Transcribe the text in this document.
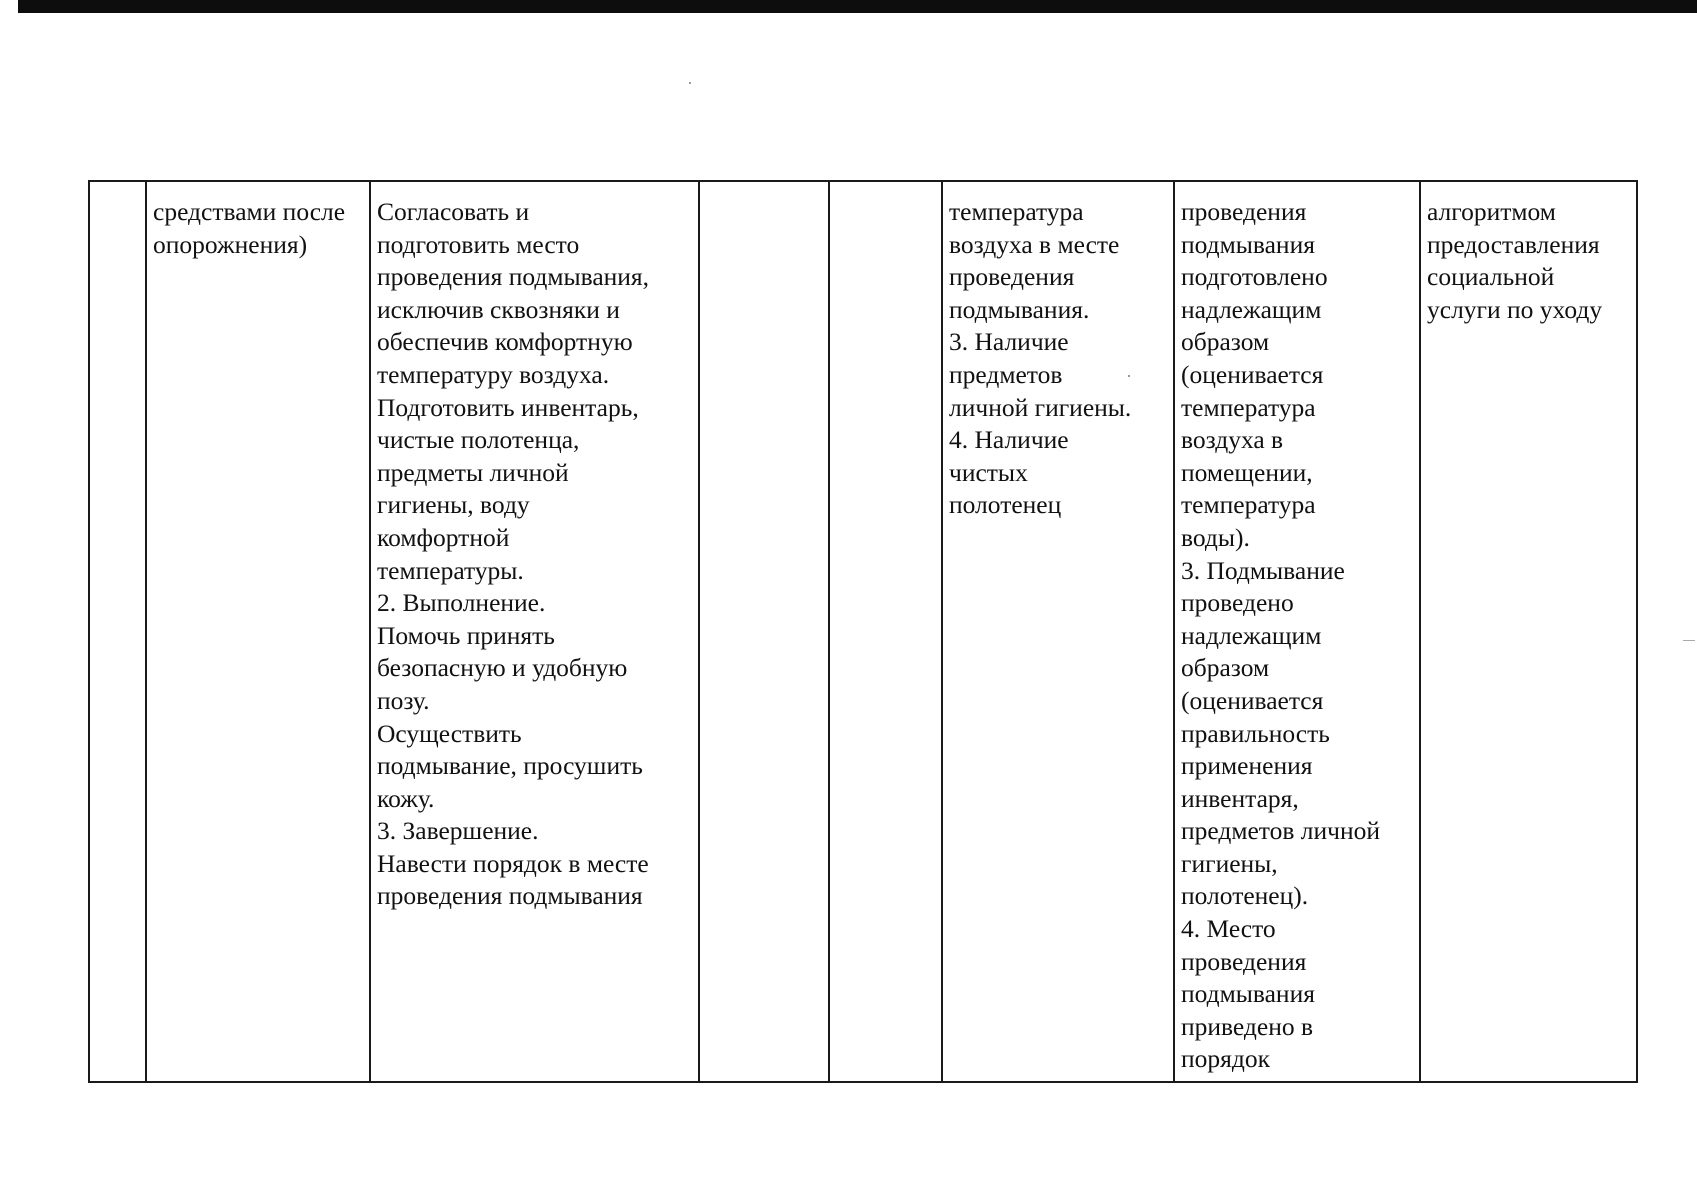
	средствами после
опорожнения)	Согласовать и
подготовить место
проведения подмывания,
исключив сквозняки и
обеспечив комфортную
температуру воздуха.
Подготовить инвентарь,
чистые полотенца,
предметы личной
гигиены, воду
комфортной
температуры.
2. Выполнение.
Помочь принять
безопасную и удобную
позу.
Осуществить
подмывание, просушить
кожу.
3. Завершение.
Навести порядок в месте
проведения подмывания			температура
воздуха в месте
проведения
подмывания.
3. Наличие
предметов
личной гигиены.
4. Наличие
чистых
полотенец	проведения
подмывания
подготовлено
надлежащим
образом
(оценивается
температура
воздуха в
помещении,
температура
воды).
3. Подмывание
проведено
надлежащим
образом
(оценивается
правильность
применения
инвентаря,
предметов личной
гигиены,
полотенец).
4. Место
проведения
подмывания
приведено в
порядок	алгоритмом
предоставления
социальной
услуги по уходу
